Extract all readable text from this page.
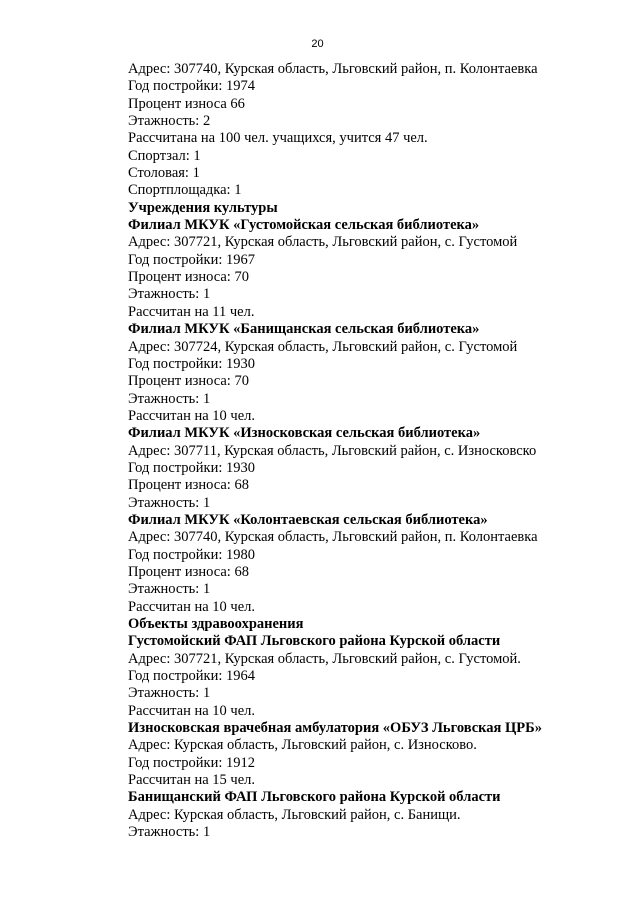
20
Адрес: 307740, Курская область, Льговский район, п. Колонтаевка
Год постройки: 1974
Процент износа 66
Этажность: 2
Рассчитана на 100 чел. учащихся, учится 47 чел.
Спортзал: 1
Столовая: 1
Спортплощадка: 1
Учреждения культуры
Филиал МКУК «Густомойская сельская библиотека»
Адрес: 307721, Курская область, Льговский район, с. Густомой
Год постройки: 1967
Процент износа: 70
Этажность: 1
Рассчитан на 11 чел.
Филиал МКУК «Банищанская сельская библиотека»
Адрес: 307724, Курская область, Льговский район, с. Густомой
Год постройки: 1930
Процент износа: 70
Этажность: 1
Рассчитан на 10 чел.
Филиал МКУК «Износковская сельская библиотека»
Адрес: 307711, Курская область, Льговский район, с. Износковско
Год постройки: 1930
Процент износа: 68
Этажность: 1
Филиал МКУК «Колонтаевская сельская библиотека»
Адрес: 307740, Курская область, Льговский район, п. Колонтаевка
Год постройки: 1980
Процент износа: 68
Этажность: 1
Рассчитан на 10 чел.
Объекты здравоохранения
Густомойский ФАП Льговского района Курской области
Адрес: 307721, Курская область, Льговский район, с. Густомой.
Год постройки: 1964
Этажность: 1
Рассчитан на 10 чел.
Износковская врачебная амбулатория «ОБУЗ Льговская ЦРБ»
Адрес: Курская область, Льговский район, с. Износково.
Год постройки: 1912
Рассчитан на 15 чел.
Банищанский ФАП Льговского района Курской области
Адрес: Курская область, Льговский район, с. Банищи.
Этажность: 1
